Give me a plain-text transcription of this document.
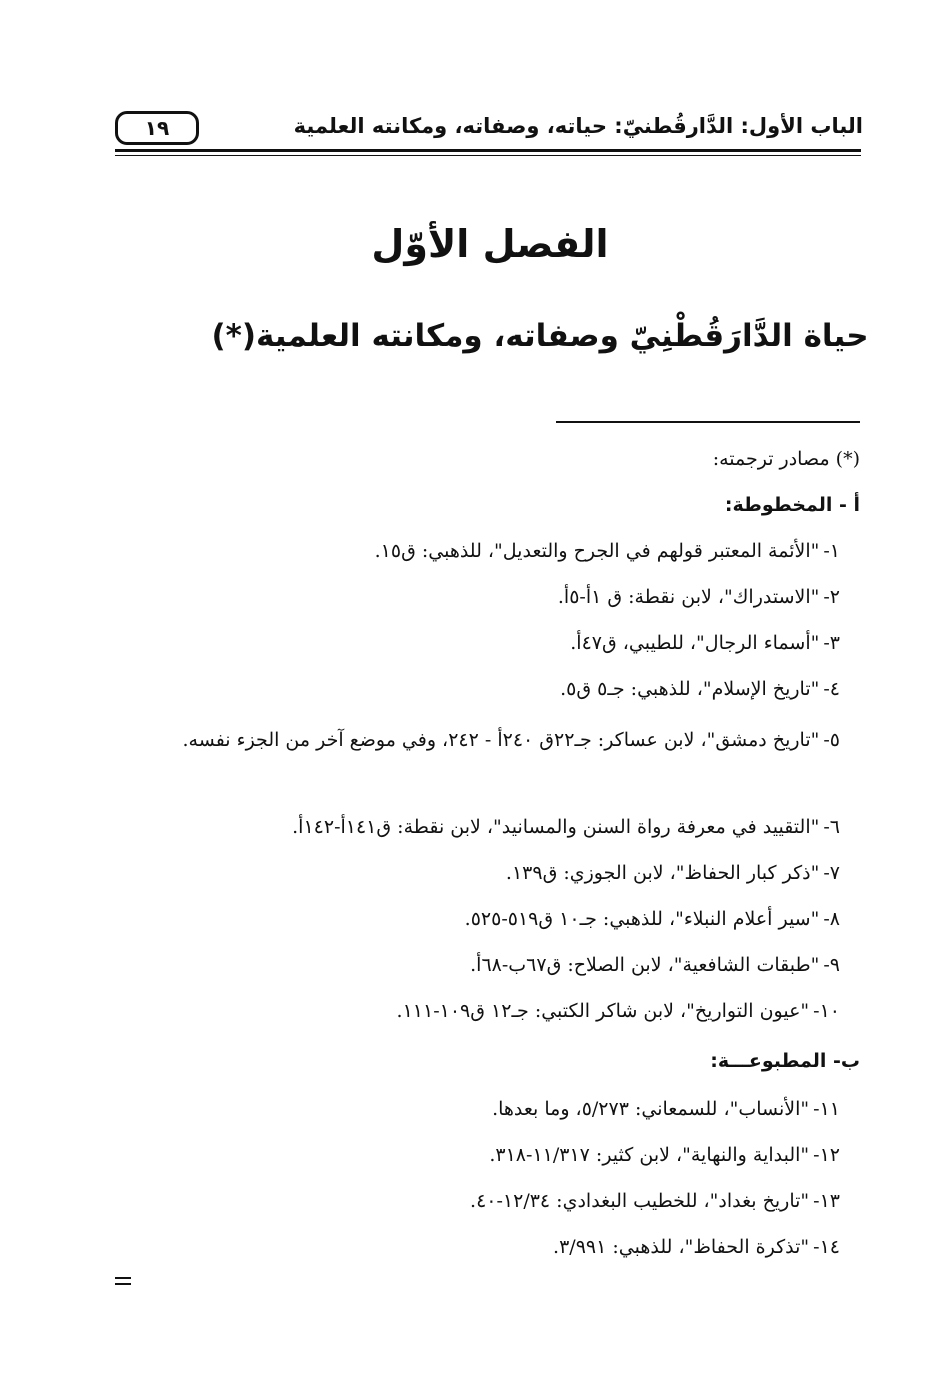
الباب الأول: الدَّارقُطنيّ: حياته، وصفاته، ومكانته العلمية
١٩
الفصل الأوّل
حياة الدَّارَقُطْنِيّ وصفاته، ومكانته العلمية(*)
(*) مصادر ترجمته:
أ - المخطوطة:
١-"الأئمة المعتبر قولهم في الجرح والتعديل"، للذهبي: ق١٥.
٢-"الاستدراك"، لابن نقطة: ق ١أ-٥أ.
٣-"أسماء الرجال"، للطيبي، ق٤٧أ.
٤-"تاريخ الإسلام"، للذهبي: جـ٥ ق٥.
٥-"تاريخ دمشق"، لابن عساكر: جـ٢٢ق ٢٤٠أ - ٢٤٢، وفي موضع آخر من الجزء نفسه.
٦-"التقييد في معرفة رواة السنن والمسانيد"، لابن نقطة: ق١٤١أ-١٤٢أ.
٧-"ذكر كبار الحفاظ"، لابن الجوزي: ق١٣٩.
٨-"سير أعلام النبلاء"، للذهبي: جـ١٠ ق٥١٩-٥٢٥.
٩-"طبقات الشافعية"، لابن الصلاح: ق٦٧ب-٦٨أ.
١٠-"عيون التواريخ"، لابن شاكر الكتبي: جـ١٢ ق١٠٩-١١١.
ب- المطبوعـــة:
١١-"الأنساب"، للسمعاني: ٥/٢٧٣، وما بعدها.
١٢-"البداية والنهاية"، لابن كثير: ١١/٣١٧-٣١٨.
١٣-"تاريخ بغداد"، للخطيب البغدادي: ١٢/٣٤-٤٠.
١٤-"تذكرة الحفاظ"، للذهبي: ٣/٩٩١.
